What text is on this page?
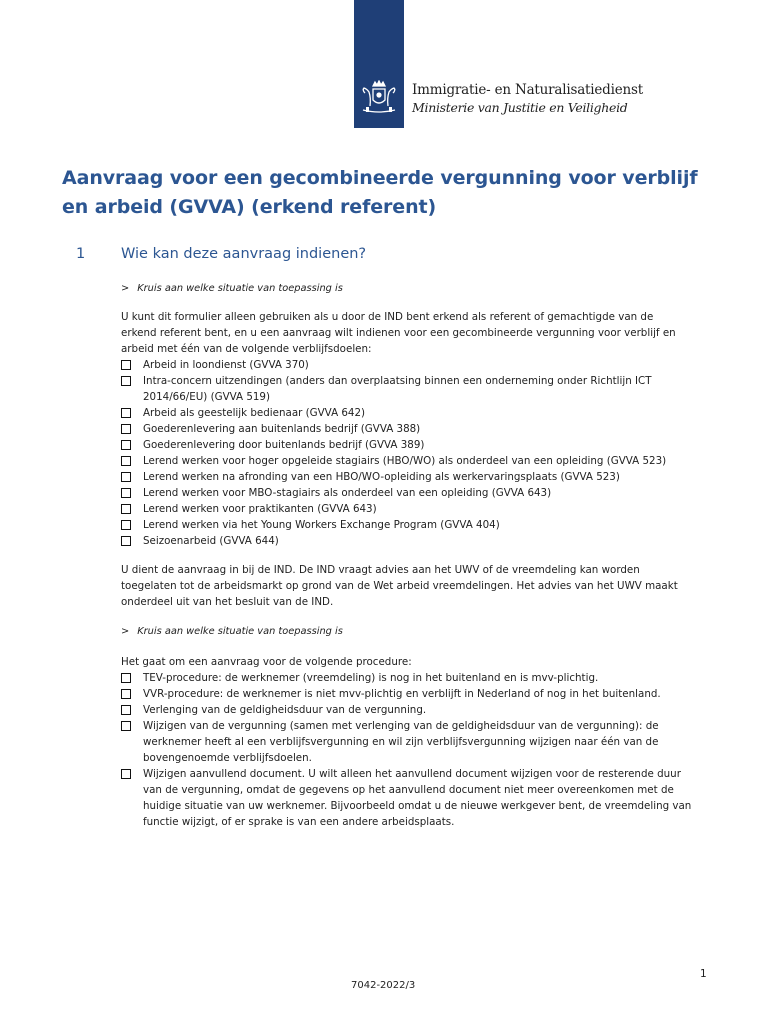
Immigratie- en Naturalisatiedienst
Ministerie van Justitie en Veiligheid
Aanvraag voor een gecombineerde vergunning voor verblijf en arbeid (GVVA) (erkend referent)
1 Wie kan deze aanvraag indienen?
> Kruis aan welke situatie van toepassing is

U kunt dit formulier alleen gebruiken als u door de IND bent erkend als referent of gemachtigde van de erkend referent bent, en u een aanvraag wilt indienen voor een gecombineerde vergunning voor verblijf en arbeid met één van de volgende verblijfsdoelen:

Arbeid in loondienst (GVVA 370)
Intra-concern uitzendingen (anders dan overplaatsing binnen een onderneming onder Richtlijn ICT 2014/66/EU) (GVVA 519)
Arbeid als geestelijk bedienaar (GVVA 642)
Goederenlevering aan buitenlands bedrijf (GVVA 388)
Goederenlevering door buitenlands bedrijf (GVVA 389)
Lerend werken voor hoger opgeleide stagiairs (HBO/WO) als onderdeel van een opleiding (GVVA 523)
Lerend werken na afronding van een HBO/WO-opleiding als werkervaringsplaats (GVVA 523)
Lerend werken voor MBO-stagiairs als onderdeel van een opleiding (GVVA 643)
Lerend werken voor praktikanten (GVVA 643)
Lerend werken via het Young Workers Exchange Program (GVVA 404)
Seizoenarbeid (GVVA 644)

U dient de aanvraag in bij de IND. De IND vraagt advies aan het UWV of de vreemdeling kan worden toegelaten tot de arbeidsmarkt op grond van de Wet arbeid vreemdelingen. Het advies van het UWV maakt onderdeel uit van het besluit van de IND.

> Kruis aan welke situatie van toepassing is

Het gaat om een aanvraag voor de volgende procedure:

TEV-procedure: de werknemer (vreemdeling) is nog in het buitenland en is mvv-plichtig.
VVR-procedure: de werknemer is niet mvv-plichtig en verblijft in Nederland of nog in het buitenland.
Verlenging van de geldigheidsduur van de vergunning.
Wijzigen van de vergunning (samen met verlenging van de geldigheidsduur van de vergunning): de werknemer heeft al een verblijfsvergunning en wil zijn verblijfsvergunning wijzigen naar één van de bovengenoemde verblijfsdoelen.
Wijzigen aanvullend document. U wilt alleen het aanvullend document wijzigen voor de resterende duur van de vergunning, omdat de gegevens op het aanvullend document niet meer overeenkomen met de huidige situatie van uw werknemer. Bijvoorbeeld omdat u de nieuwe werkgever bent, de vreemdeling van functie wijzigt, of er sprake is van een andere arbeidsplaats.
1
7042-2022/3
